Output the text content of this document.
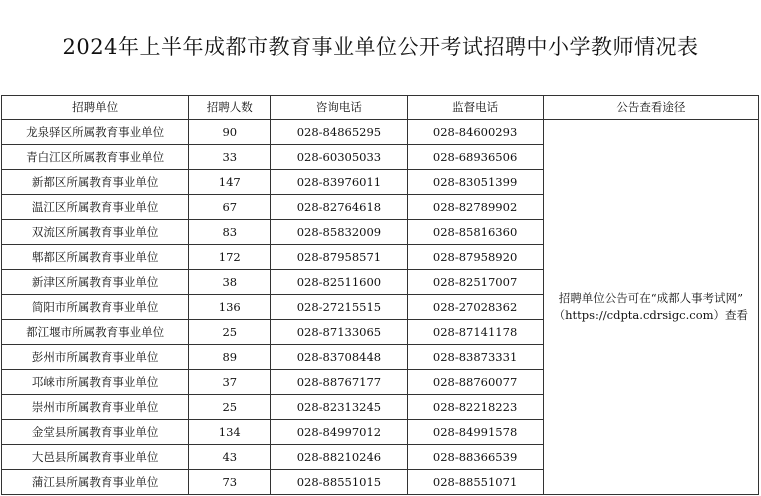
2024年上半年成都市教育事业单位公开考试招聘中小学教师情况表
招聘单位	招聘人数	咨询电话	监督电话	公告查看途径
龙泉驿区所属教育事业单位	90	028-84865295	028-84600293	招聘单位公告可在“成都人事考试网”
（https://cdpta.cdrsigc.com）查看

青白江区所属教育事业单位	33	028-60305033	028-68936506	
新都区所属教育事业单位	147	028-83976011	028-83051399	
温江区所属教育事业单位	67	028-82764618	028-82789902	
双流区所属教育事业单位	83	028-85832009	028-85816360	
郫都区所属教育事业单位	172	028-87958571	028-87958920	
新津区所属教育事业单位	38	028-82511600	028-82517007	
简阳市所属教育事业单位	136	028-27215515	028-27028362	
都江堰市所属教育事业单位	25	028-87133065	028-87141178	
彭州市所属教育事业单位	89	028-83708448	028-83873331	
邛崃市所属教育事业单位	37	028-88767177	028-88760077	
崇州市所属教育事业单位	25	028-82313245	028-82218223	
金堂县所属教育事业单位	134	028-84997012	028-84991578	
大邑县所属教育事业单位	43	028-88210246	028-88366539	
蒲江县所属教育事业单位	73	028-88551015	028-88551071	
